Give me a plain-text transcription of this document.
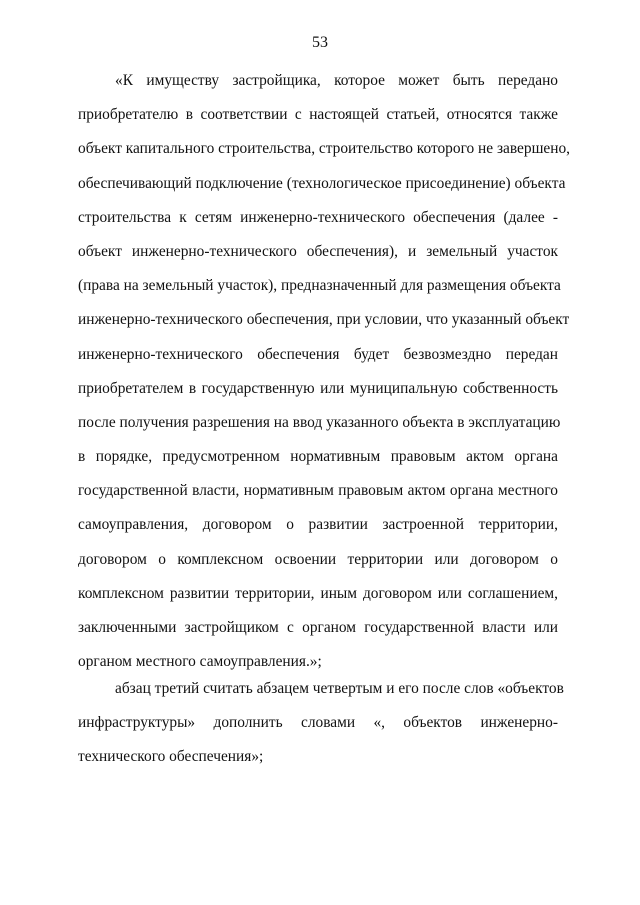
53
«К имуществу застройщика, которое может быть передано
приобретателю в соответствии с настоящей статьей, относятся также
объект капитального строительства, строительство которого не завершено,
обеспечивающий подключение (технологическое присоединение) объекта
строительства к сетям инженерно-технического обеспечения (далее -
объект инженерно-технического обеспечения), и земельный участок
(права на земельный участок), предназначенный для размещения объекта
инженерно-технического обеспечения, при условии, что указанный объект
инженерно-технического обеспечения будет безвозмездно передан
приобретателем в государственную или муниципальную собственность
после получения разрешения на ввод указанного объекта в эксплуатацию
в порядке, предусмотренном нормативным правовым актом органа
государственной власти, нормативным правовым актом органа местного
самоуправления, договором о развитии застроенной территории,
договором о комплексном освоении территории или договором о
комплексном развитии территории, иным договором или соглашением,
заключенными застройщиком с органом государственной власти или
органом местного самоуправления.»;
абзац третий считать абзацем четвертым и его после слов «объектов
инфраструктуры» дополнить словами «, объектов инженерно-
технического обеспечения»;
